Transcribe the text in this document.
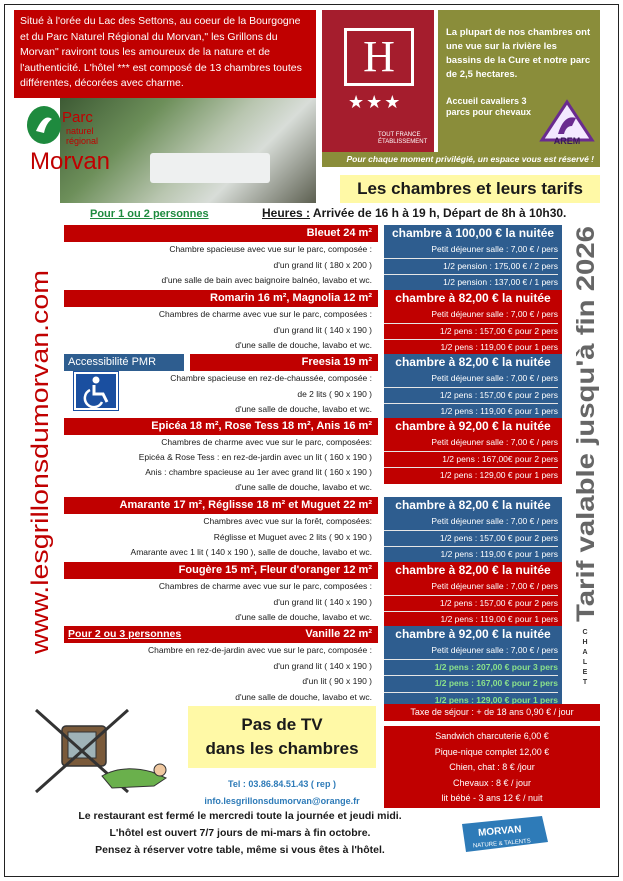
Situé à l'orée du Lac des Settons, au coeur de la Bourgogne et du Parc Naturel Régional du Morvan," les Grillons du Morvan" raviront tous les amoureux de la nature et de l'authenticité. L'hôtel *** est composé de 13 chambres toutes différentes, décorées avec charme.
H
★★★
TOUT FRANCE
ÉTABLISSEMENT
La plupart de nos chambres ont une vue sur la rivière les bassins de la Cure et notre parc de 2,5 hectares.
Accueil cavaliers 3 parcs pour chevaux
AREM
Pour chaque moment privilégié, un espace vous est réservé !
Parc
naturel
régional
Morvan
Les chambres et leurs tarifs
Pour 1 ou 2 personnes	Heures : Arrivée de 16 h à 19 h, Départ de 8h à 10h30.
www.lesgrillonsdumorvan.com	Tarif valable jusqu'à fin 2026
C
H
A
L
E
T
Bleuet 24 m²
Chambre spacieuse avec vue sur le parc, composée :
d'un grand lit ( 180 x 200 )
d'une salle de bain avec baignoire balnéo, lavabo et wc.
chambre à 100,00 € la nuitée
Petit déjeuner salle : 7,00 € / pers
1/2 pension : 175,00 € / 2 pers
1/2 pension : 137,00 € / 1 pers
Romarin 16 m², Magnolia 12 m²
Chambres de charme avec vue sur le parc, composées :
d'un grand lit ( 140 x 190 )
d'une salle de douche, lavabo et wc.
chambre à 82,00 € la nuitée
Petit déjeuner salle : 7,00 € / pers
1/2 pens : 157,00 € pour 2 pers
1/2 pens : 119,00 € pour 1 pers
Accessibilité PMR	Freesia 19 m²
Chambre spacieuse en rez-de-chaussée, composée :
de 2 lits ( 90 x 190 )
d'une salle de douche, lavabo et wc.
chambre à 82,00 € la nuitée
Petit déjeuner salle : 7,00 € / pers
1/2 pens : 157,00 € pour 2 pers
1/2 pens : 119,00 € pour 1 pers
Epicéa 18 m², Rose Tess 18 m², Anis 16 m²
Chambres de charme avec vue sur le parc, composées:
Epicéa & Rose Tess : en rez-de-jardin avec un lit ( 160 x 190 )
Anis : chambre spacieuse au 1er avec grand lit ( 160 x 190 )
d'une salle de douche, lavabo et wc.
chambre à 92,00 € la nuitée
Petit déjeuner salle : 7,00 € / pers
1/2 pens : 167,00€ pour 2 pers
1/2 pens : 129,00 € pour 1 pers
Amarante 17 m², Réglisse 18 m² et Muguet 22 m²
Chambres avec vue sur la forêt, composées:
Réglisse et Muguet avec 2 lits ( 90 x 190 )
Amarante avec 1 lit ( 140 x 190 ), salle de douche, lavabo et wc.
chambre à 82,00 € la nuitée
Petit déjeuner salle : 7,00 € / pers
1/2 pens : 157,00 € pour 2 pers
1/2 pens : 119,00 € pour 1 pers
Fougère 15 m², Fleur d'oranger 12 m²
Chambres de charme avec vue sur le parc, composées :
d'un grand lit ( 140 x 190 )
d'une salle de douche, lavabo et wc.
chambre à 82,00 € la nuitée
Petit déjeuner salle : 7,00 € / pers
1/2 pens : 157,00 € pour 2 pers
1/2 pens : 119,00 € pour 1 pers
Pour 2 ou 3 personnes	Vanille 22 m²
Chambre en rez-de-jardin avec vue sur le parc, composée :
d'un grand lit ( 140 x 190 )
d'un lit ( 90 x 190 )
d'une salle de douche, lavabo et wc.
chambre à 92,00 € la nuitée
Petit déjeuner salle : 7,00 € / pers
1/2 pens : 207,00 € pour 3 pers
1/2 pens : 167,00 € pour 2 pers
1/2 pens : 129,00 € pour 1 pers
Pas de TV
dans les chambres
Tel : 03.86.84.51.43 ( rep )
info.lesgrillonsdumorvan@orange.fr
Taxe de séjour : + de 18 ans 0,90 € / jour
Sandwich charcuterie 6,00 €
Pique-nique complet 12,00 €
Chien, chat : 8 € /jour
Chevaux : 8 € / jour
lit bébé - 3 ans 12 € / nuit
Le restaurant est fermé le mercredi toute la journée et jeudi midi.
L'hôtel est ouvert 7/7 jours de mi-mars à fin octobre.
Pensez à réserver votre table, même si vous êtes à l'hôtel.
MORVAN
NATURE & TALENTS
